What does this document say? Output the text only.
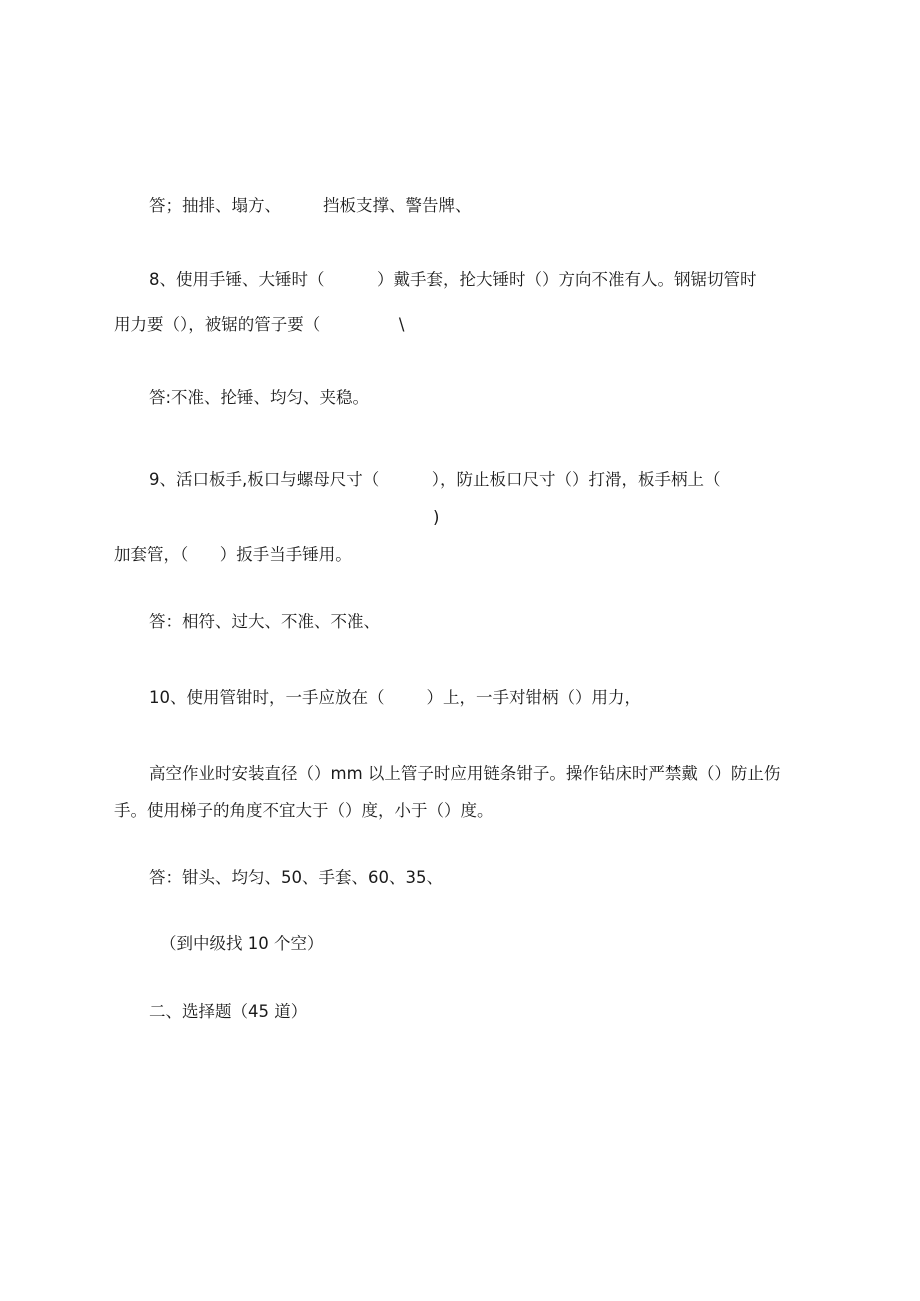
答；抽排、塌方、        挡板支撑、警告牌、

8、使用手锤、大锤时（          ）戴手套，抡大锤时（）方向不准有人。钢锯切管时

用力要（），被锯的管子要（               \

答:不准、抡锤、均匀、夹稳。

9、活口板手,板口与螺母尺寸（          ），防止板口尺寸（）打滑，板手柄上（

)

加套管，（      ）扳手当手锤用。

答：相符、过大、不准、不准、

10、使用管钳时，一手应放在（        ）上，一手对钳柄（）用力，

高空作业时安装直径（）mm 以上管子时应用链条钳子。操作钻床时严禁戴（）防止伤

手。使用梯子的角度不宜大于（）度，小于（）度。

答：钳头、均匀、50、手套、60、35、

（到中级找 10 个空）

二、选择题（45 道）
